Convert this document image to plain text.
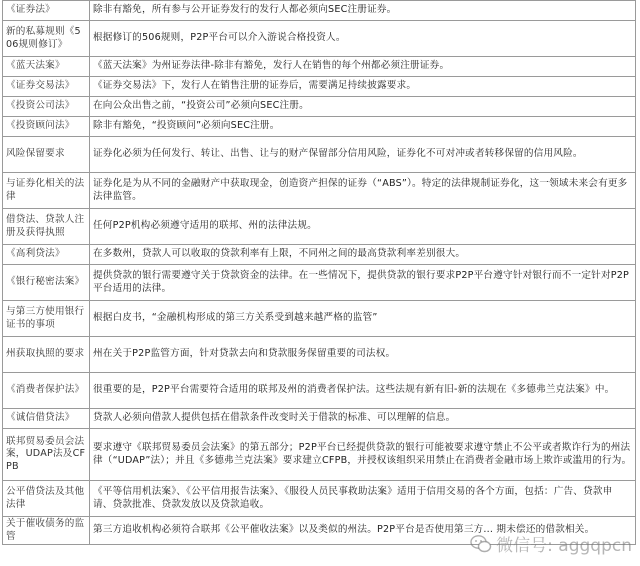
《证券法》	除非有豁免，所有参与公开证券发行的发行人都必须向SEC注册证券。
新的私募规则《506规则修订》	根据修订的506规则，P2P平台可以介入游说合格投资人。
《蓝天法案》	《蓝天法案》为州证券法律-除非有豁免，发行人在销售的每个州都必须注册证券。
《证券交易法》	《证券交易法》下，发行人在销售注册的证券后，需要满足持续披露要求。
《投资公司法》	在向公众出售之前，“投资公司”必须向SEC注册。
《投资顾问法》	除非有豁免，“投资顾问”必须向SEC注册。
风险保留要求	证券化必须为任何发行、转让、出售、让与的财产保留部分信用风险，证券化不可对冲或者转移保留的信用风险。
与证券化相关的法律	证券化是为从不同的金融财产中获取现金，创造资产担保的证券（“ABS”）。特定的法律规制证券化，这一领域未来会有更多法律监管。
借贷法、贷款人注册及获得执照	任何P2P机构必须遵守适用的联邦、州的法律法规。
《高利贷法》	在多数州，贷款人可以收取的贷款利率有上限，不同州之间的最高贷款利率差别很大。
《银行秘密法案》	提供贷款的银行需要遵守关于贷款资金的法律。在一些情况下，提供贷款的银行要求P2P平台遵守针对银行而不一定针对P2P平台适用的法律。
与第三方使用银行证书的事项	根据白皮书，“金融机构形成的第三方关系受到越来越严格的监管”
州获取执照的要求	州在关于P2P监管方面，针对贷款去向和贷款服务保留重要的司法权。
《消费者保护法》	很重要的是，P2P平台需要符合适用的联邦及州的消费者保护法。这些法规有新有旧-新的法规在《多德弗兰克法案》中。
《诚信借贷法》	贷款人必须向借款人提供包括在借款条件改变时关于借款的标准、可以理解的信息。
联邦贸易委员会法案，UDAP法及CFPB	要求遵守《联邦贸易委员会法案》的第五部分；P2P平台已经提供贷款的银行可能被要求遵守禁止不公平或者欺诈行为的州法律（“UDAP”法）；并且《多德弗兰克法案》要求建立CFPB，并授权该组织采用禁止在消费者金融市场上欺诈或滥用的行为。
公平借贷法及其他法律	《平等信用机法案》、《公平信用报告法案》、《服役人员民事救助法案》适用于信用交易的各个方面，包括：广告、贷款申请、贷款批准、贷款发放以及贷款追收。
关于催收债务的监管	第三方追收机构必须符合联邦《公平催收法案》以及类似的州法。P2P平台是否使用第三方... 期未偿还的借款相关。
微信号: aggqpcn
